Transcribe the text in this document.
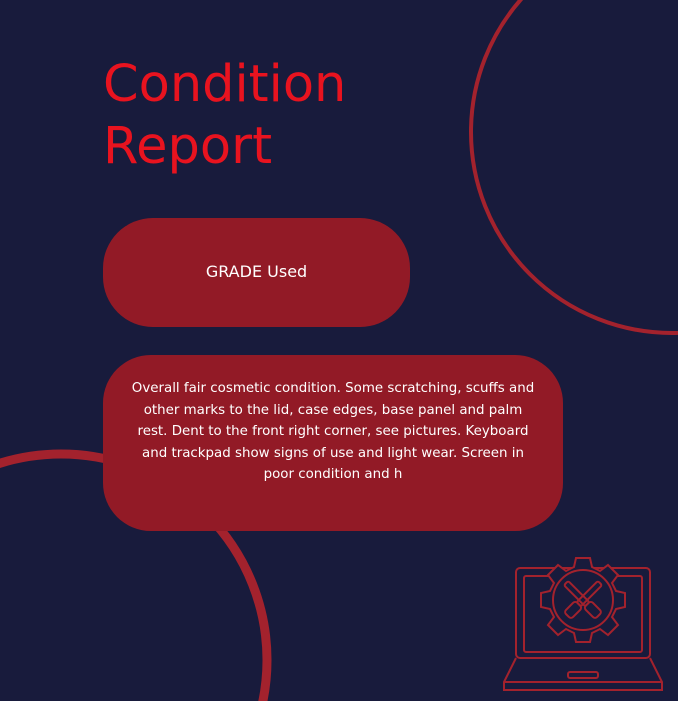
Condition
Report
GRADE Used

Overall fair cosmetic condition. Some scratching, scuffs and other marks to the lid, case edges, base panel and palm rest. Dent to the front right corner, see pictures. Keyboard and trackpad show signs of use and light wear. Screen in poor condition and h
